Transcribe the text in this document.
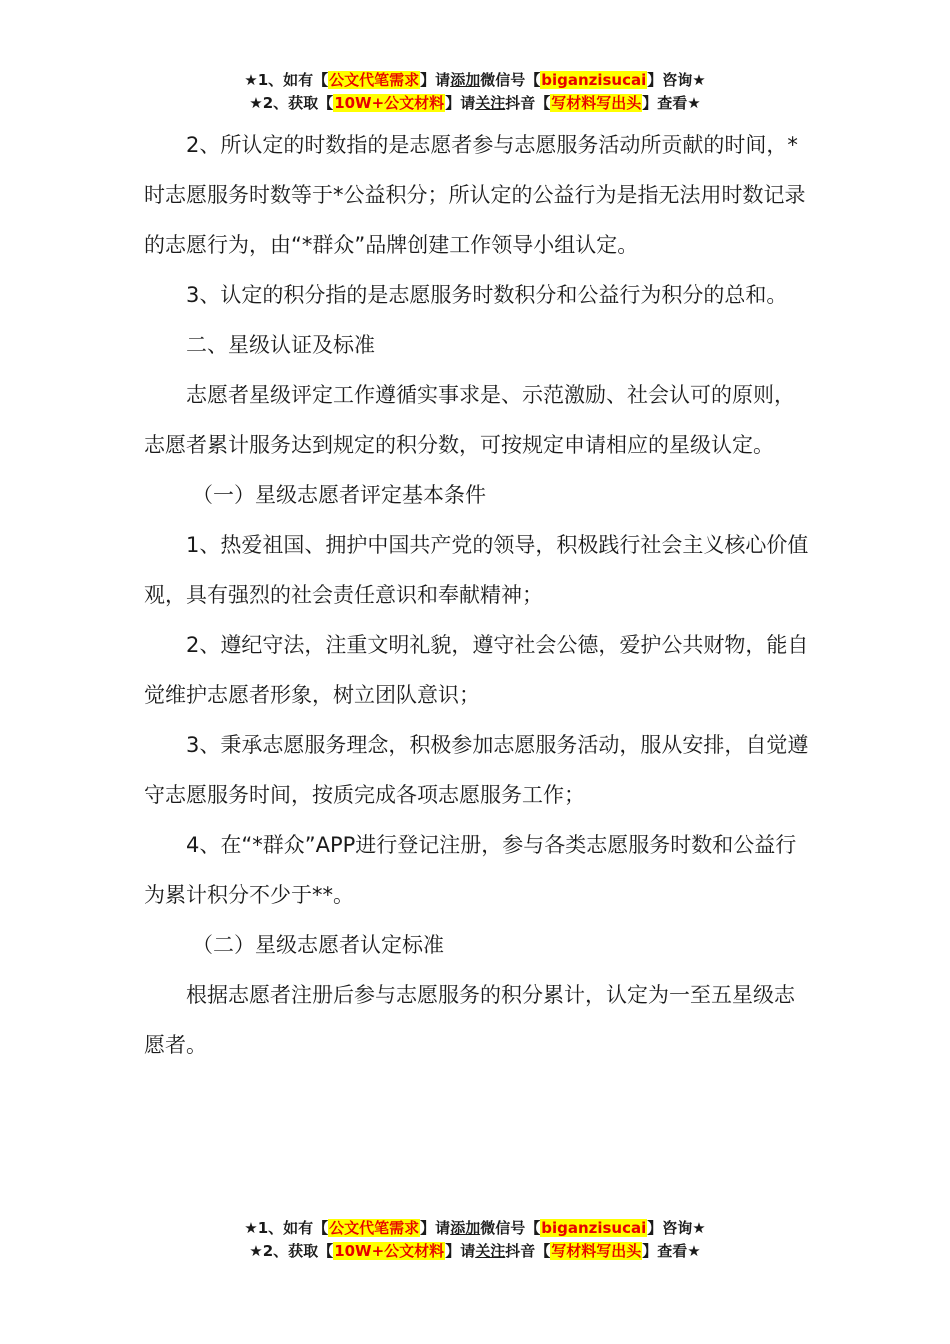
★1、如有【公文代笔需求】请添加微信号【biganzisucai】咨询★
★2、获取【10W+公文材料】请关注抖音【写材料写出头】查看★

2、所认定的时数指的是志愿者参与志愿服务活动所贡献的时间，*时志愿服务时数等于*公益积分；所认定的公益行为是指无法用时数记录的志愿行为，由“*群众”品牌创建工作领导小组认定。

3、认定的积分指的是志愿服务时数积分和公益行为积分的总和。

二、星级认证及标准

志愿者星级评定工作遵循实事求是、示范激励、社会认可的原则，志愿者累计服务达到规定的积分数，可按规定申请相应的星级认定。

（一）星级志愿者评定基本条件

1、热爱祖国、拥护中国共产党的领导，积极践行社会主义核心价值观，具有强烈的社会责任意识和奉献精神；

2、遵纪守法，注重文明礼貌，遵守社会公德，爱护公共财物，能自觉维护志愿者形象，树立团队意识；

3、秉承志愿服务理念，积极参加志愿服务活动，服从安排，自觉遵守志愿服务时间，按质完成各项志愿服务工作；

4、在“*群众”APP进行登记注册，参与各类志愿服务时数和公益行为累计积分不少于**。

（二）星级志愿者认定标准

根据志愿者注册后参与志愿服务的积分累计，认定为一至五星级志愿者。

★1、如有【公文代笔需求】请添加微信号【biganzisucai】咨询★
★2、获取【10W+公文材料】请关注抖音【写材料写出头】查看★
